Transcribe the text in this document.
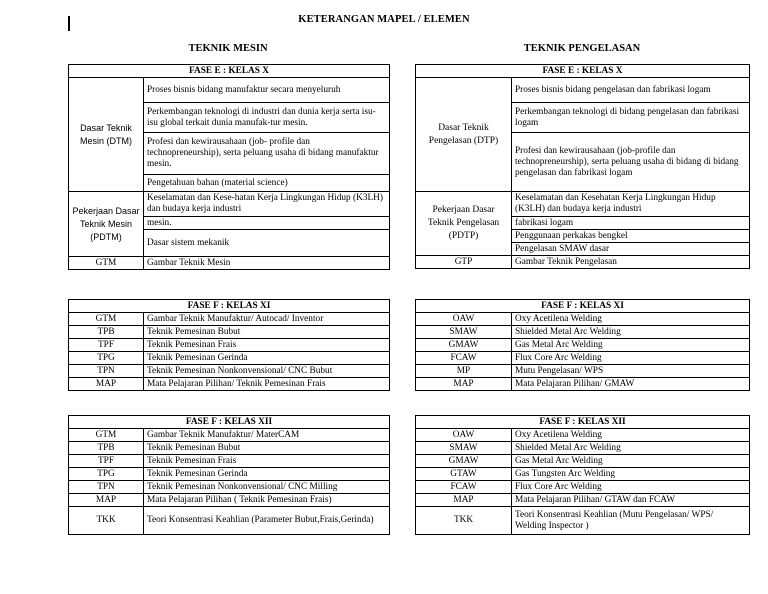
KETERANGAN MAPEL / ELEMEN
TEKNIK MESIN	TEKNIK PENGELASAN
FASE E : KELAS X	
Dasar Teknik Mesin (DTM)	Proses bisnis bidang manufaktur secara menyeluruh
	Perkembangan teknologi di industri dan dunia kerja serta isu-isu global terkait dunia manufak-tur mesin.
	Profesi dan kewirausahaan (job- profile dan technopreneurship), serta peluang usaha di bidang manufaktur mesin.
	Pengetahuan bahan (material science)
Pekerjaan Dasar Teknik Mesin (PDTM)	Keselamatan dan Kese-hatan Kerja Lingkungan Hidup (K3LH) dan budaya kerja industri
	mesin.
	Dasar sistem mekanik
GTM	Gambar Teknik Mesin
FASE E : KELAS X	
Dasar Teknik Pengelasan (DTP)	Proses bisnis bidang pengelasan dan fabrikasi logam
	Perkembangan teknologi di bidang pengelasan dan fabrikasi logam
	Profesi dan kewirausahaan (job-profile dan technopreneurship), serta peluang usaha di bidang di bidang pengelasan dan fabrikasi logam
Pekerjaan Dasar Teknik Pengelasan (PDTP)	Keselamatan dan Kesehatan Kerja Lingkungan Hidup (K3LH) dan budaya kerja industri
	fabrikasi logam
	Penggunaan perkakas bengkel
	Pengelasan SMAW dasar
GTP	Gambar Teknik Pengelasan
FASE F : KELAS XI	
GTM	Gambar Teknik Manufaktur/ Autocad/ Inventor
TPB	Teknik Pemesinan Bubut
TPF	Teknik Pemesinan Frais
TPG	Teknik Pemesinan Gerinda
TPN	Teknik Pemesinan Nonkonvensional/ CNC Bubut
MAP	Mata Pelajaran Pilihan/ Teknik Pemesinan Frais
FASE F : KELAS XI	
OAW	Oxy Acetilena Welding
SMAW	Shielded Metal Arc Welding
GMAW	Gas Metal Arc Welding
FCAW	Flux Core Arc Welding
MP	Mutu Pengelasan/ WPS
MAP	Mata Pelajaran Pilihan/ GMAW
FASE F : KELAS XII	
GTM	Gambar Teknik Manufaktur/ MaterCAM
TPB	Teknik Pemesinan Bubut
TPF	Teknik Pemesinan Frais
TPG	Teknik Pemesinan Gerinda
TPN	Teknik Pemesinan Nonkonvensional/ CNC Milling
MAP	Mata Pelajaran Pilihan ( Teknik Pemesinan Frais)
TKK	Teori Konsentrasi Keahlian (Parameter Bubut,Frais,Gerinda)
FASE F : KELAS XII	
OAW	Oxy Acetilena Welding
SMAW	Shielded Metal Arc Welding
GMAW	Gas Metal Arc Welding
GTAW	Gas Tungsten Arc Welding
FCAW	Flux Core Arc Welding
MAP	Mata Pelajaran Pilihan/ GTAW dan FCAW
TKK	Teori Konsentrasi Keahlian (Mutu Pengelasan/ WPS/ Welding Inspector )
